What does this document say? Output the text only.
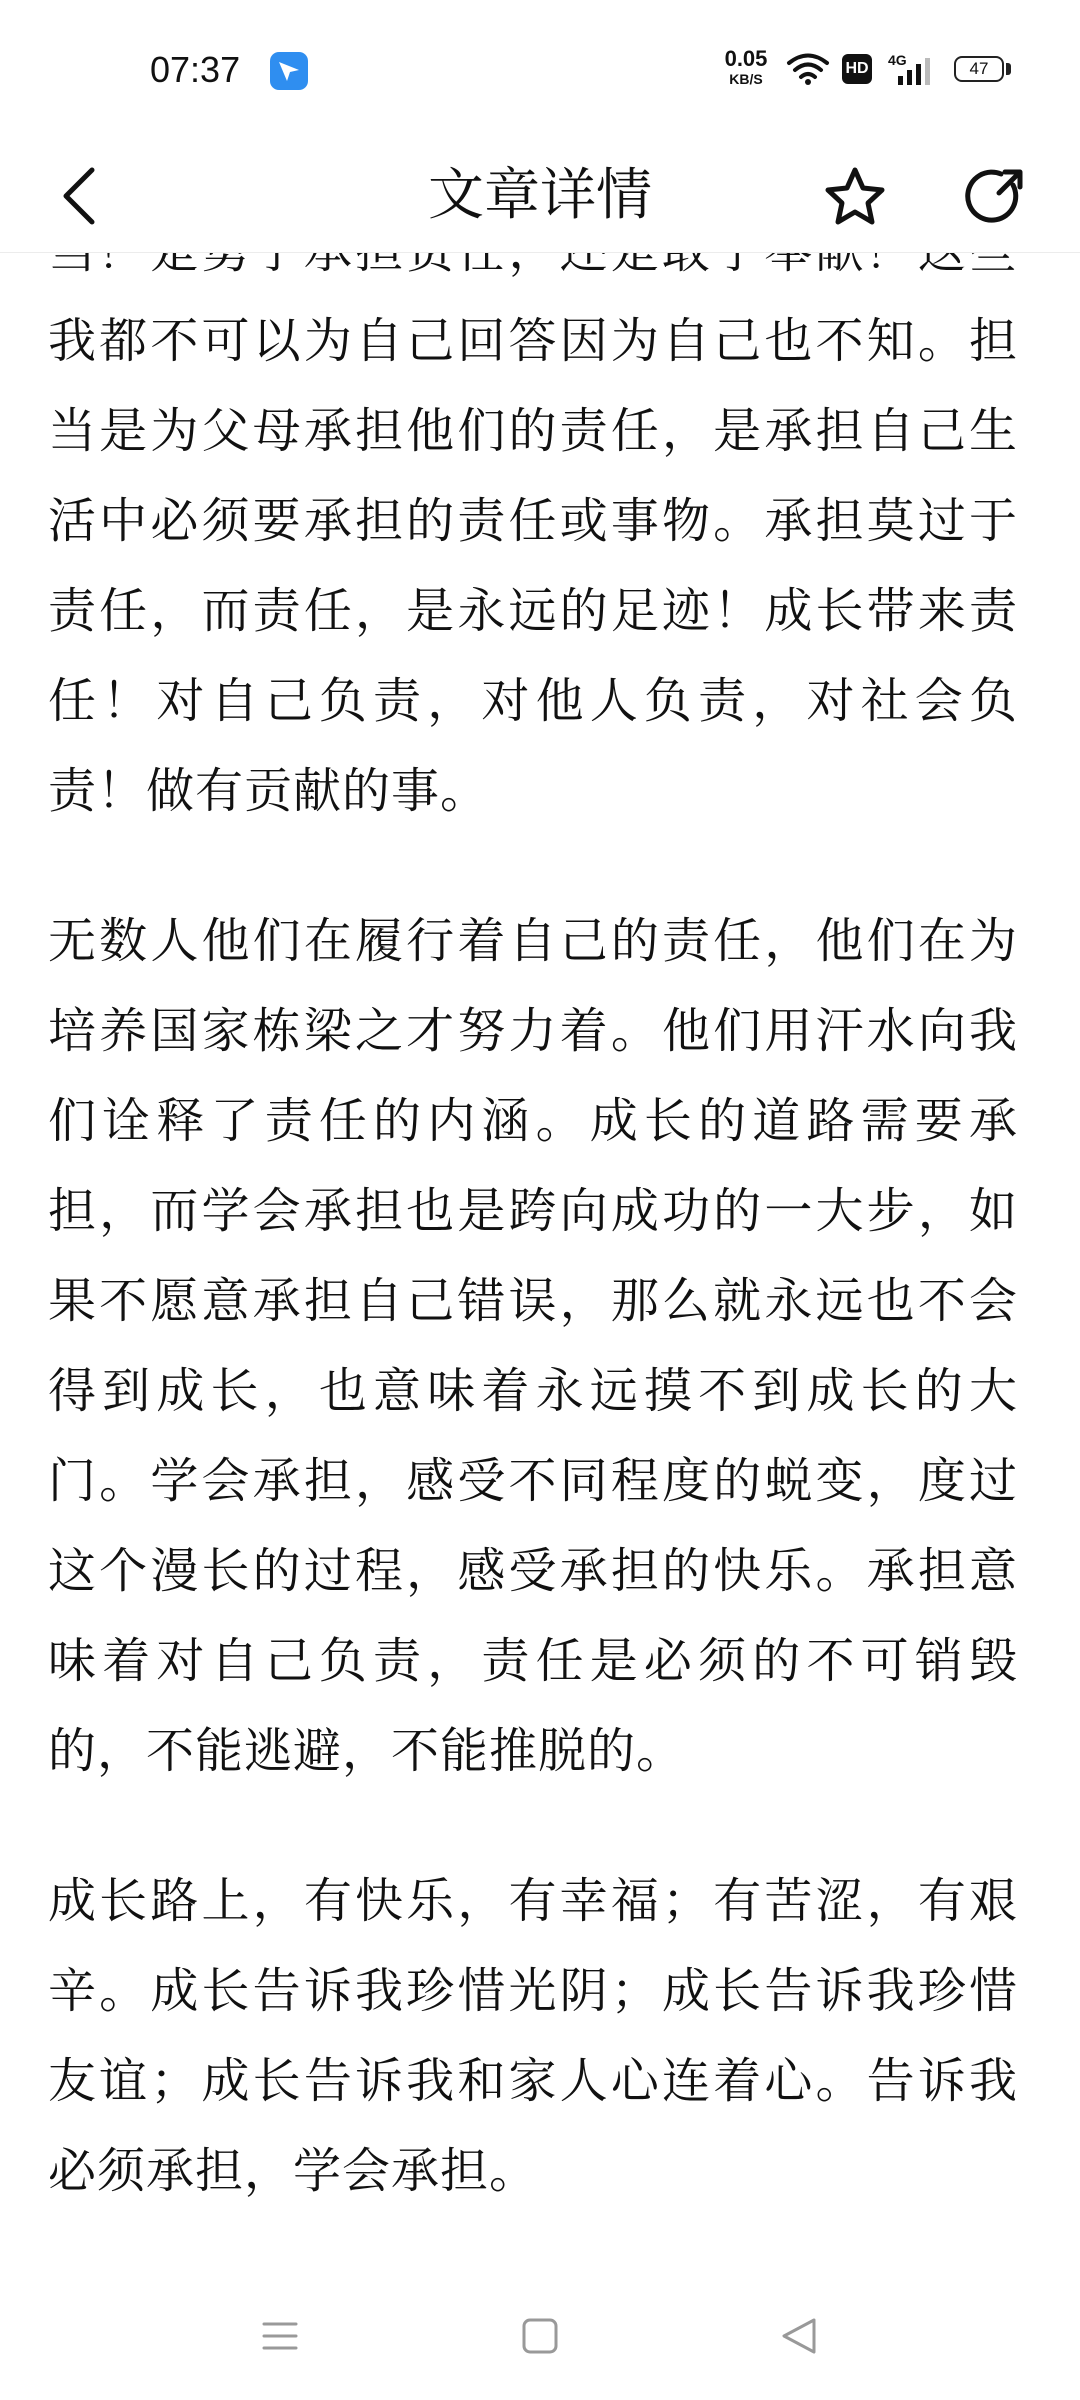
07:37	0.05
KB/S
HD 4G	47
文章详情

我都不可以为自己回答因为自己也不知。担当是为父母承担他们的责任，是承担自己生活中必须要承担的责任或事物。承担莫过于责任，而责任，是永远的足迹！成长带来责任！对自己负责，对他人负责，对社会负责！做有贡献的事。

无数人他们在履行着自己的责任，他们在为培养国家栋梁之才努力着。他们用汗水向我们诠释了责任的内涵。成长的道路需要承担，而学会承担也是跨向成功的一大步，如果不愿意承担自己错误，那么就永远也不会得到成长，也意味着永远摸不到成长的大门。学会承担，感受不同程度的蜕变，度过这个漫长的过程，感受承担的快乐。承担意味着对自己负责，责任是必须的不可销毁的，不能逃避，不能推脱的。

成长路上，有快乐，有幸福；有苦涩，有艰辛。成长告诉我珍惜光阴；成长告诉我珍惜友谊；成长告诉我和家人心连着心。告诉我必须承担，学会承担。
